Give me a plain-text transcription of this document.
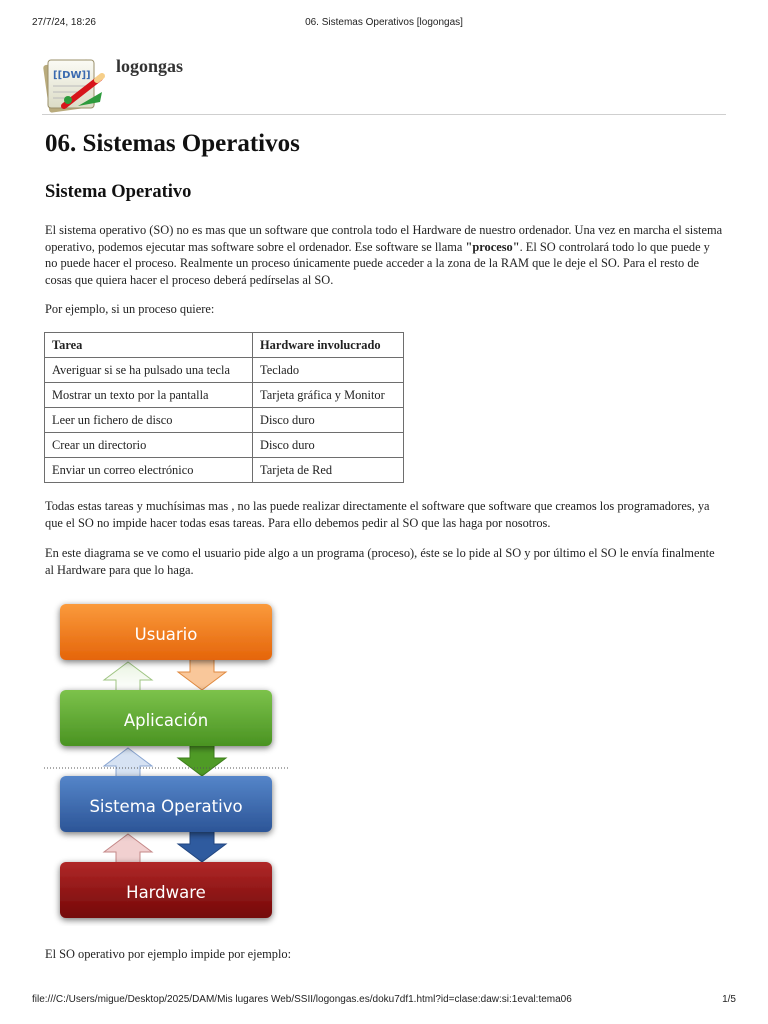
27/7/24, 18:26	06. Sistemas Operativos [logongas]
[[DW]] logongas
06. Sistemas Operativos
Sistema Operativo

El sistema operativo (SO) no es mas que un software que controla todo el Hardware de nuestro ordenador. Una vez en marcha el sistema operativo, podemos ejecutar mas software sobre el ordenador. Ese software se llama "proceso". El SO controlará todo lo que puede y no puede hacer el proceso. Realmente un proceso únicamente puede acceder a la zona de la RAM que le deje el SO. Para el resto de cosas que quiera hacer el proceso deberá pedírselas al SO.

Por ejemplo, si un proceso quiere:

Tarea	Hardware involucrado
Averiguar si se ha pulsado una tecla	Teclado
Mostrar un texto por la pantalla	Tarjeta gráfica y Monitor
Leer un fichero de disco	Disco duro
Crear un directorio	Disco duro
Enviar un correo electrónico	Tarjeta de Red

Todas estas tareas y muchísimas mas , no las puede realizar directamente el software que software que creamos los programadores, ya que el SO no impide hacer todas esas tareas. Para ello debemos pedir al SO que las haga por nosotros.

En este diagrama se ve como el usuario pide algo a un programa (proceso), éste se lo pide al SO y por último el SO le envía finalmente al Hardware para que lo haga.

Usuario
Aplicación
Sistema Operativo
Hardware

El SO operativo por ejemplo impide por ejemplo:

file:///C:/Users/migue/Desktop/2025/DAM/Mis lugares Web/SSII/logongas.es/doku7df1.html?id=clase:daw:si:1eval:tema06	1/5
